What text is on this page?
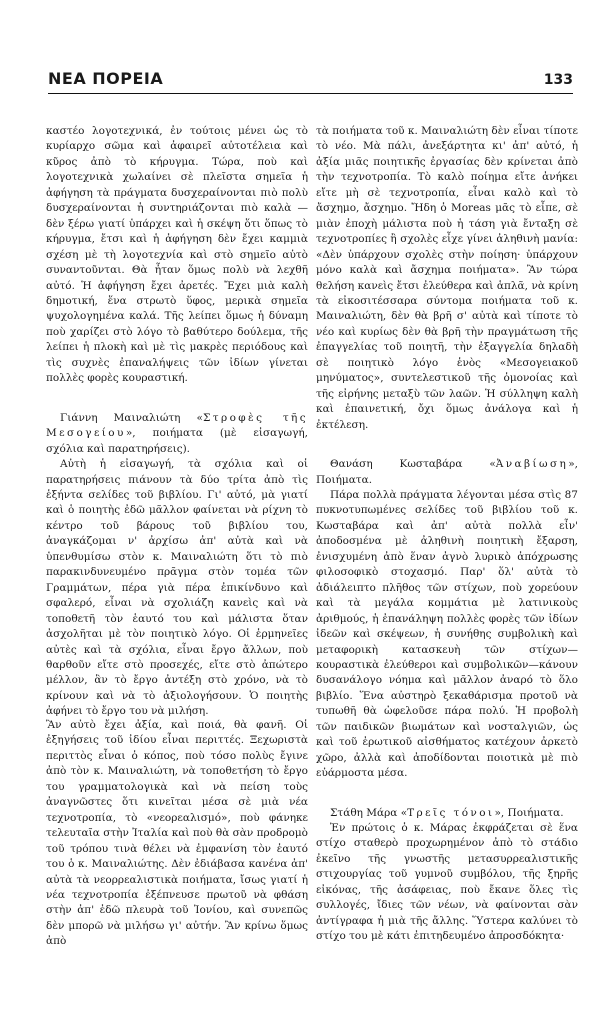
ΝΕΑ ΠΟΡΕΙΑ	133

καστέο λογοτεχνικά, ἐν τούτοις μένει ὡς τὸ κυρίαρχο σῶμα καὶ ἀφαιρεῖ αὐτοτέλεια καὶ κῦρος ἀπὸ τὸ κήρυγμα. Τώρα, ποὺ καὶ λογοτεχνικὰ χωλαίνει σὲ πλεῖστα σημεῖα ἡ ἀφήγηση τὰ πράγματα δυσχεραίνονται πιὸ πολὺ δυσχεραίνονται ἡ συντηριάζονται πιὸ καλὰ —δὲν ξέρω γιατί ὑπάρχει καὶ ἡ σκέψη ὅτι ὅπως τὸ κήρυγμα, ἔτσι καὶ ἡ ἀφήγηση δὲν ἔχει καμμιὰ σχέση μὲ τὴ λογοτεχνία καὶ στὸ σημεῖο αὐτὸ συναντοῦνται. Θὰ ἦταν ὅμως πολὺ νὰ λεχθῆ αὐτό. Ἡ ἀφήγηση ἔχει ἀρετές. Ἔχει μιὰ καλὴ δημοτική, ἕνα στρωτὸ ὕφος, μερικὰ σημεῖα ψυχολογημένα καλά. Τῆς λείπει ὅμως ἡ δύναμη ποὺ χαρίζει στὸ λόγο τὸ βαθύτερο δούλεμα, τῆς λείπει ἡ πλοκὴ καὶ μὲ τὶς μακρὲς περιόδους καὶ τὶς συχνὲς ἐπαναλήψεις τῶν ἰδίων γίνεται πολλὲς φορὲς κουραστική.

Γιάννη Μαιναλιώτη «Στροφὲς τῆς Μεσογείου», ποιήματα (μὲ εἰσαγωγή, σχόλια καὶ παρατηρήσεις).

Αὐτὴ ἡ εἰσαγωγή, τὰ σχόλια καὶ οἱ παρατηρήσεις πιάνουν τὰ δύο τρίτα ἀπὸ τὶς ἑξήντα σελίδες τοῦ βιβλίου. Γι' αὐτό, μὰ γιατί καὶ ὁ ποιητὴς ἐδῶ μᾶλλον φαίνεται νὰ ρίχνη τὸ κέντρο τοῦ βάρους τοῦ βιβλίου του, ἀναγκάζομαι ν' ἀρχίσω ἀπ' αὐτὰ καὶ νὰ ὑπενθυμίσω στὸν κ. Μαιναλιώτη ὅτι τὸ πιὸ παρακινδυνευμένο πρᾶγμα στὸν τομέα τῶν Γραμμάτων, πέρα γιὰ πέρα ἐπικίνδυνο καὶ σφαλερό, εἶναι νὰ σχολιάζη κανεὶς καὶ νὰ τοποθετῆ τὸν ἑαυτό του καὶ μάλιστα ὅταν ἀσχολῆται μὲ τὸν ποιητικὸ λόγο. Οἱ ἑρμηνεῖες αὐτὲς καὶ τὰ σχόλια, εἶναι ἔργο ἄλλων, ποὺ θαρθοῦν εἴτε στὸ προσεχές, εἴτε στὸ ἀπώτερο μέλλον, ἂν τὸ ἔργο ἀντέξη στὸ χρόνο, νὰ τὸ κρίνουν καὶ νὰ τὸ ἀξιολογήσουν. Ὁ ποιητὴς ἀφήνει τὸ ἔργο του νὰ μιλήση.

Ἂν αὐτὸ ἔχει ἀξία, καὶ ποιά, θὰ φανῆ. Οἱ ἐξηγήσεις τοῦ ἰδίου εἶναι περιττές. Ξεχωριστὰ περιττὸς εἶναι ὁ κόπος, ποὺ τόσο πολὺς ἔγινε ἀπὸ τὸν κ. Μαιναλιώτη, νὰ τοποθετήση τὸ ἔργο του γραμματολογικὰ καὶ νὰ πείση τοὺς ἀναγνῶστες ὅτι κινεῖται μέσα σὲ μιὰ νέα τεχνοτροπία, τὸ «νεορεαλισμό», ποὺ φάνηκε τελευταῖα στὴν Ἰταλία καὶ ποὺ θὰ σὰν προδρομὸ τοῦ τρόπου τινὰ θέλει νὰ ἐμφανίση τὸν ἑαυτό του ὁ κ. Μαιναλιώτης. Δὲν ἐδιάβασα κανένα ἀπ' αὐτὰ τὰ νεορρεαλιστικὰ ποιήματα, ἴσως γιατί ἡ νέα τεχνοτροπία ἐξέπνευσε πρωτοῦ νὰ φθάση στὴν ἀπ' ἐδῶ πλευρὰ τοῦ Ἰονίου, καὶ συνεπῶς δὲν μπορῶ νὰ μιλήσω γι' αὐτήν. Ἂν κρίνω ὅμως ἀπὸ

τὰ ποιήματα τοῦ κ. Μαιναλιώτη δὲν εἶναι τίποτε τὸ νέο. Μὰ πάλι, ἀνεξάρτητα κι' ἀπ' αὐτό, ἡ ἀξία μιᾶς ποιητικῆς ἐργασίας δὲν κρίνεται ἀπὸ τὴν τεχνοτροπία. Τὸ καλὸ ποίημα εἴτε ἀνήκει εἴτε μὴ σὲ τεχνοτροπία, εἶναι καλὸ καὶ τὸ ἄσχημο, ἄσχημο. Ἤδη ὁ Moreas μᾶς τὸ εἶπε, σὲ μιὰν ἐποχὴ μάλιστα ποὺ ἡ τάση γιὰ ἔνταξη σὲ τεχνοτροπίες ἢ σχολὲς εἶχε γίνει ἀληθινὴ μανία: «Δὲν ὑπάρχουν σχολὲς στὴν ποίηση· ὑπάρχουν μόνο καλὰ καὶ ἄσχημα ποιήματα». Ἂν τώρα θελήση κανεὶς ἔτσι ἐλεύθερα καὶ ἁπλᾶ, νὰ κρίνη τὰ εἰκοσιτέσσαρα σύντομα ποιήματα τοῦ κ. Μαιναλιώτη, δὲν θὰ βρῆ σ' αὐτὰ καὶ τίποτε τὸ νέο καὶ κυρίως δὲν θὰ βρῆ τὴν πραγμάτωση τῆς ἐπαγγελίας τοῦ ποιητῆ, τὴν ἐξαγγελία δηλαδὴ σὲ ποιητικὸ λόγο ἑνὸς «Μεσογειακοῦ μηνύματος», συντελεστικοῦ τῆς ὁμονοίας καὶ τῆς εἰρήνης μεταξὺ τῶν λαῶν. Ἡ σύλληψη καλὴ καὶ ἐπαινετική, ὄχι ὅμως ἀνάλογα καὶ ἡ ἐκτέλεση.

Θανάση Κωσταβάρα «Ἀναβίωση», Ποιήματα.

Πάρα πολλὰ πράγματα λέγονται μέσα στὶς 87 πυκνοτυπωμένες σελίδες τοῦ βιβλίου τοῦ κ. Κωσταβάρα καὶ ἀπ' αὐτὰ πολλὰ εἶν' ἀποδοσμένα μὲ ἀληθινὴ ποιητικὴ ἔξαρση, ἐνισχυμένη ἀπὸ ἕναν ἀγνὸ λυρικὸ ἀπόχρωσης φιλοσοφικὸ στοχασμό. Παρ' ὅλ' αὐτὰ τὸ ἀδιάλειπτο πλῆθος τῶν στίχων, ποὺ χορεύουν καὶ τὰ μεγάλα κομμάτια μὲ λατινικοὺς ἀριθμούς, ἡ ἐπανάληψη πολλὲς φορὲς τῶν ἰδίων ἰδεῶν καὶ σκέψεων, ἡ συνήθης συμβολικὴ καὶ μεταφορικὴ κατασκευὴ τῶν στίχων—κουραστικὰ ἐλεύθεροι καὶ συμβολικῶν—κάνουν δυσανάλογο νόημα καὶ μᾶλλον ἀναρό τὸ ὅλο βιβλίο. Ἕνα αὐστηρὸ ξεκαθάρισμα προτοῦ νὰ τυπωθῆ θὰ ὠφελοῦσε πάρα πολύ. Ἡ προβολὴ τῶν παιδικῶν βιωμάτων καὶ νοσταλγιῶν, ὡς καὶ τοῦ ἐρωτικοῦ αἰσθήματος κατέχουν ἀρκετὸ χῶρο, ἀλλὰ καὶ ἀποδίδονται ποιοτικὰ μὲ πιὸ εὐάρμοστα μέσα.

Στάθη Μάρα «Τρεῖς τόνοι», Ποιήματα.

Ἐν πρώτοις ὁ κ. Μάρας ἐκφράζεται σὲ ἕνα στίχο σταθερὸ προχωρημένον ἀπὸ τὸ στάδιο ἐκεῖνο τῆς γνωστῆς μετασυρρεαλιστικῆς στιχουργίας τοῦ γυμνοῦ συμβόλου, τῆς ξηρῆς εἰκόνας, τῆς ἀσάφειας, ποὺ ἔκανε ὅλες τὶς συλλογές, ἴδιες τῶν νέων, νὰ φαίνονται σὰν ἀντίγραφα ἡ μιὰ τῆς ἄλλης. Ὕστερα καλύνει τὸ στίχο του μὲ κάτι ἐπιτηδευμένο ἀπροσδόκητα·
